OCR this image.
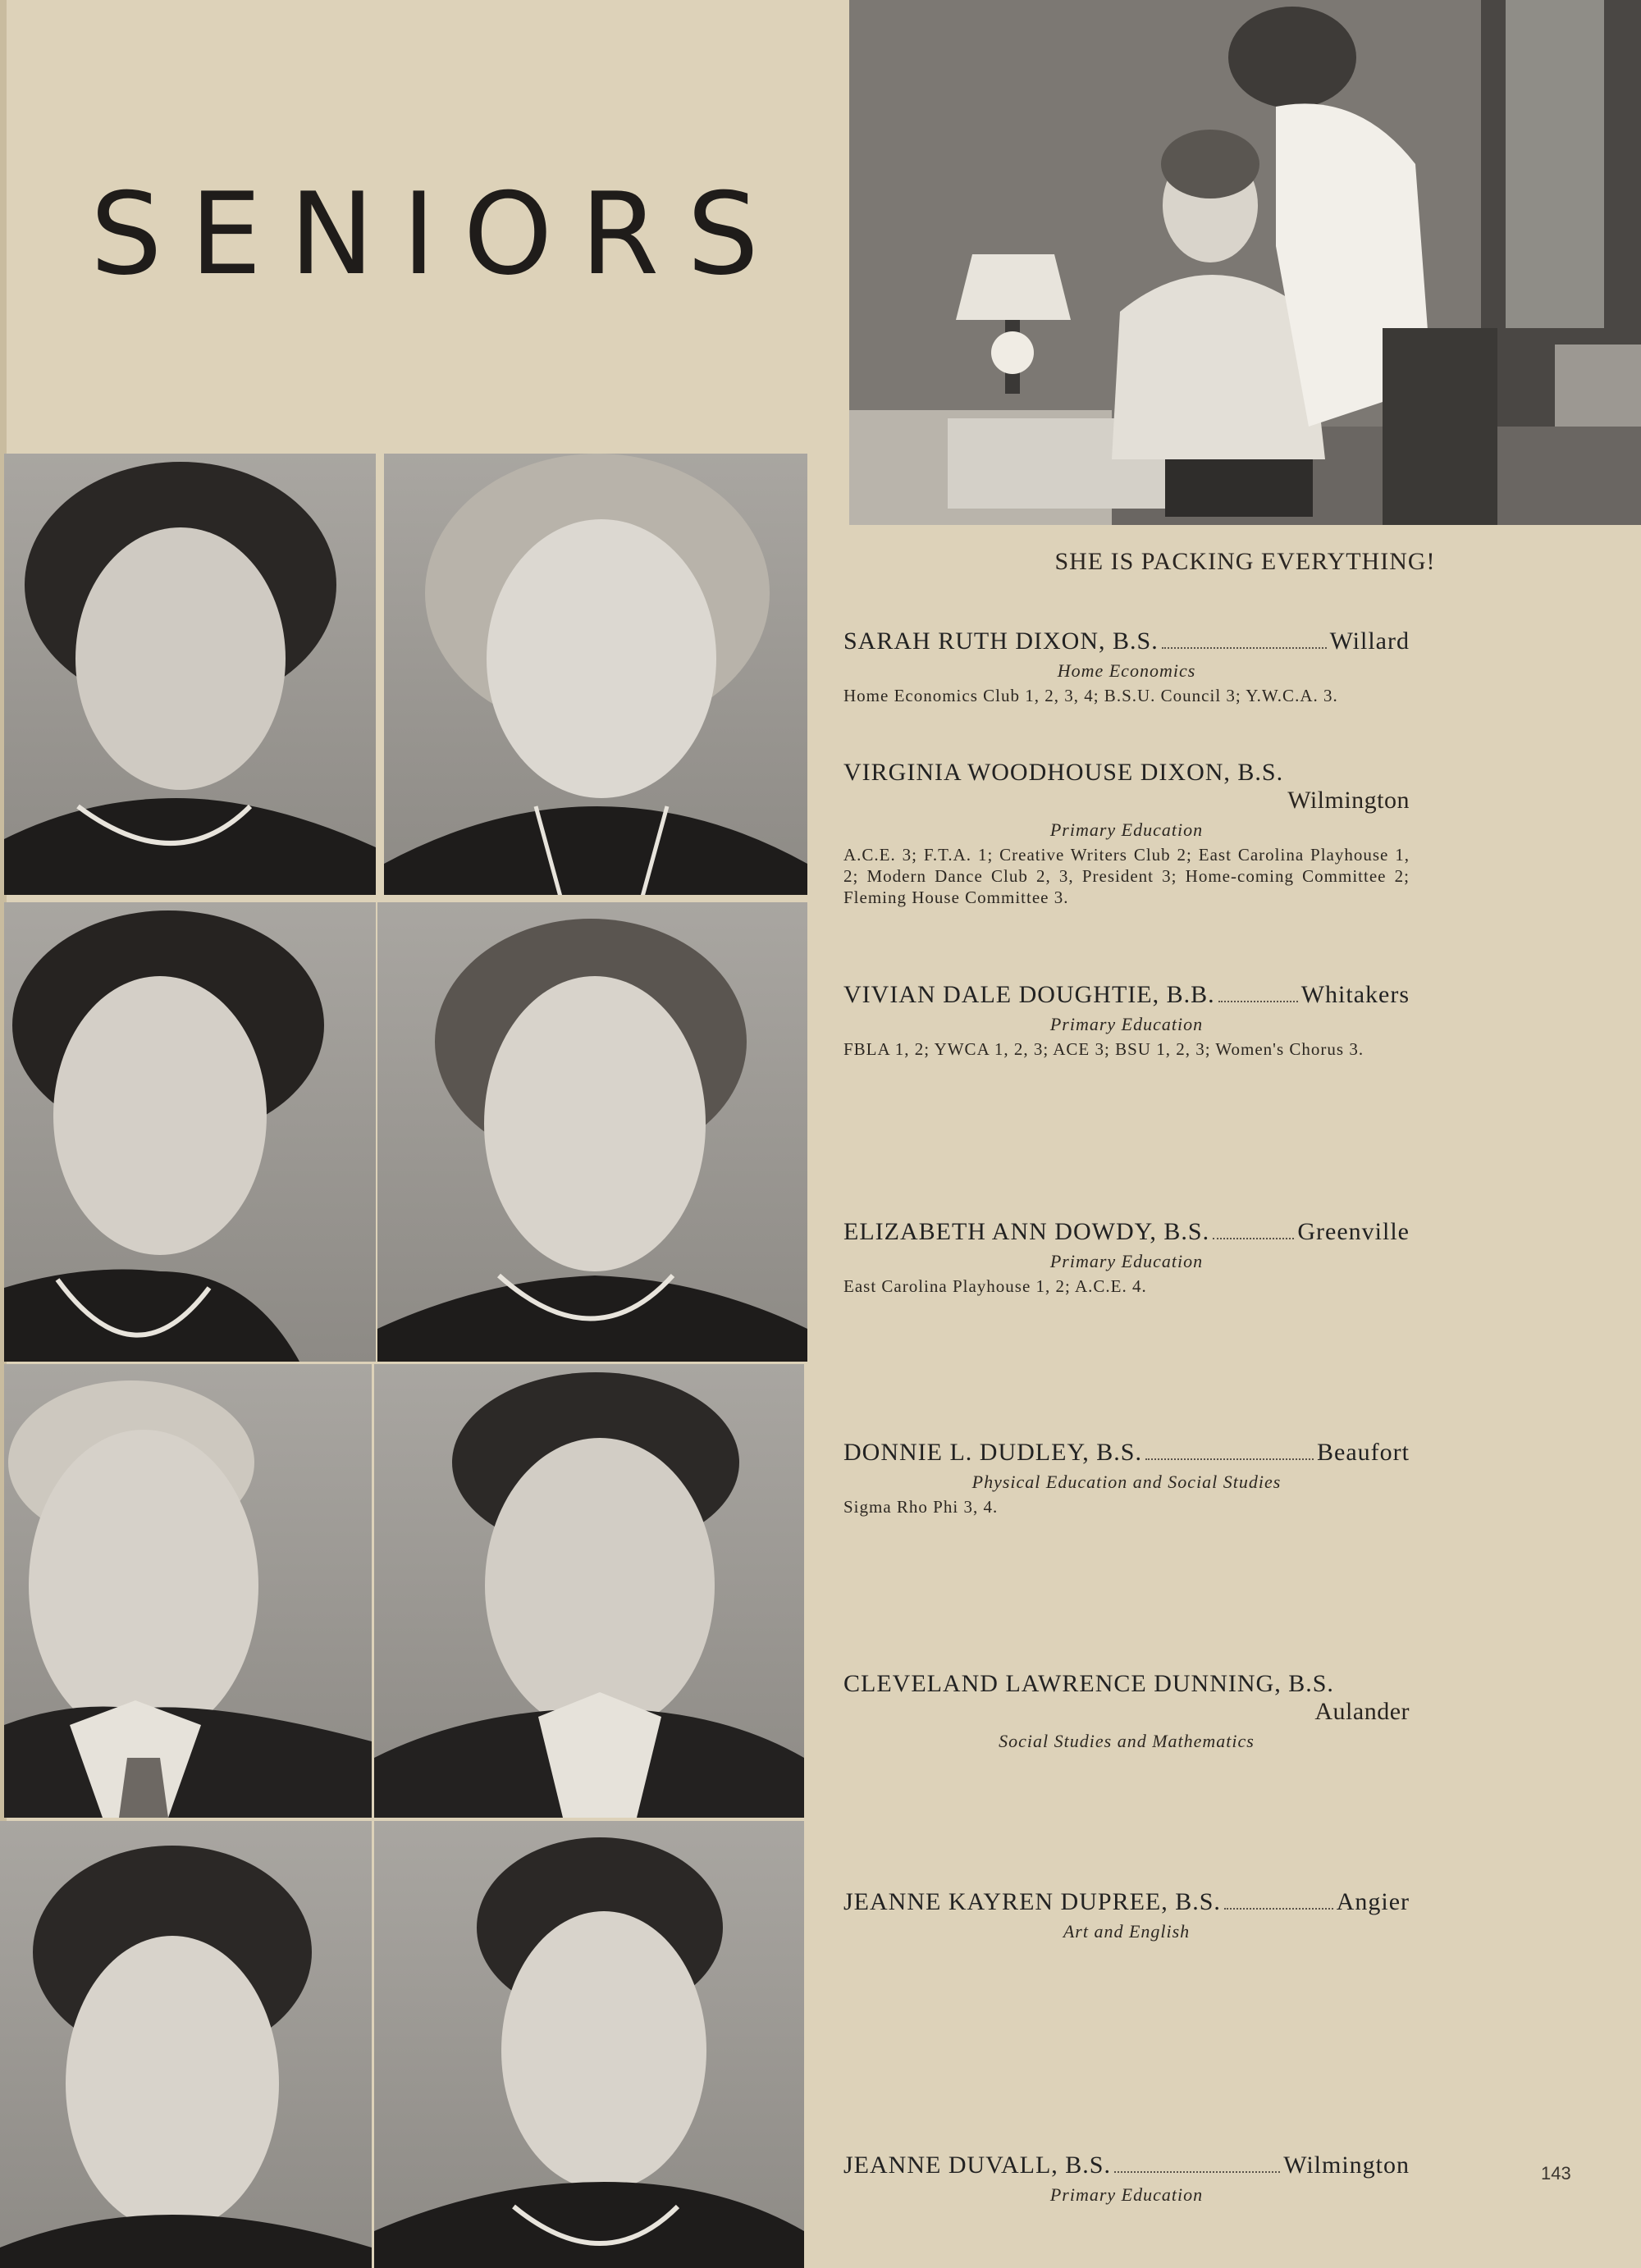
SENIORS
SHE IS PACKING EVERYTHING!
SARAH RUTH DIXON, B.S.	Willard
Home Economics
Home Economics Club 1, 2, 3, 4; B.S.U. Council 3; Y.W.C.A. 3.
VIRGINIA WOODHOUSE DIXON, B.S.
Wilmington
Primary Education
A.C.E. 3; F.T.A. 1; Creative Writers Club 2; East Carolina Playhouse 1, 2; Modern Dance Club 2, 3, President 3; Home-coming Committee 2; Fleming House Committee 3.
VIVIAN DALE DOUGHTIE, B.B.	Whitakers
Primary Education
FBLA 1, 2; YWCA 1, 2, 3; ACE 3; BSU 1, 2, 3; Women's Chorus 3.
ELIZABETH ANN DOWDY, B.S.	Greenville
Primary Education
East Carolina Playhouse 1, 2; A.C.E. 4.
DONNIE L. DUDLEY, B.S.	Beaufort
Physical Education and Social Studies
Sigma Rho Phi 3, 4.
CLEVELAND LAWRENCE DUNNING, B.S.
Aulander
Social Studies and Mathematics
JEANNE KAYREN DUPREE, B.S.	Angier
Art and English
JEANNE DUVALL, B.S.	Wilmington
Primary Education
143
